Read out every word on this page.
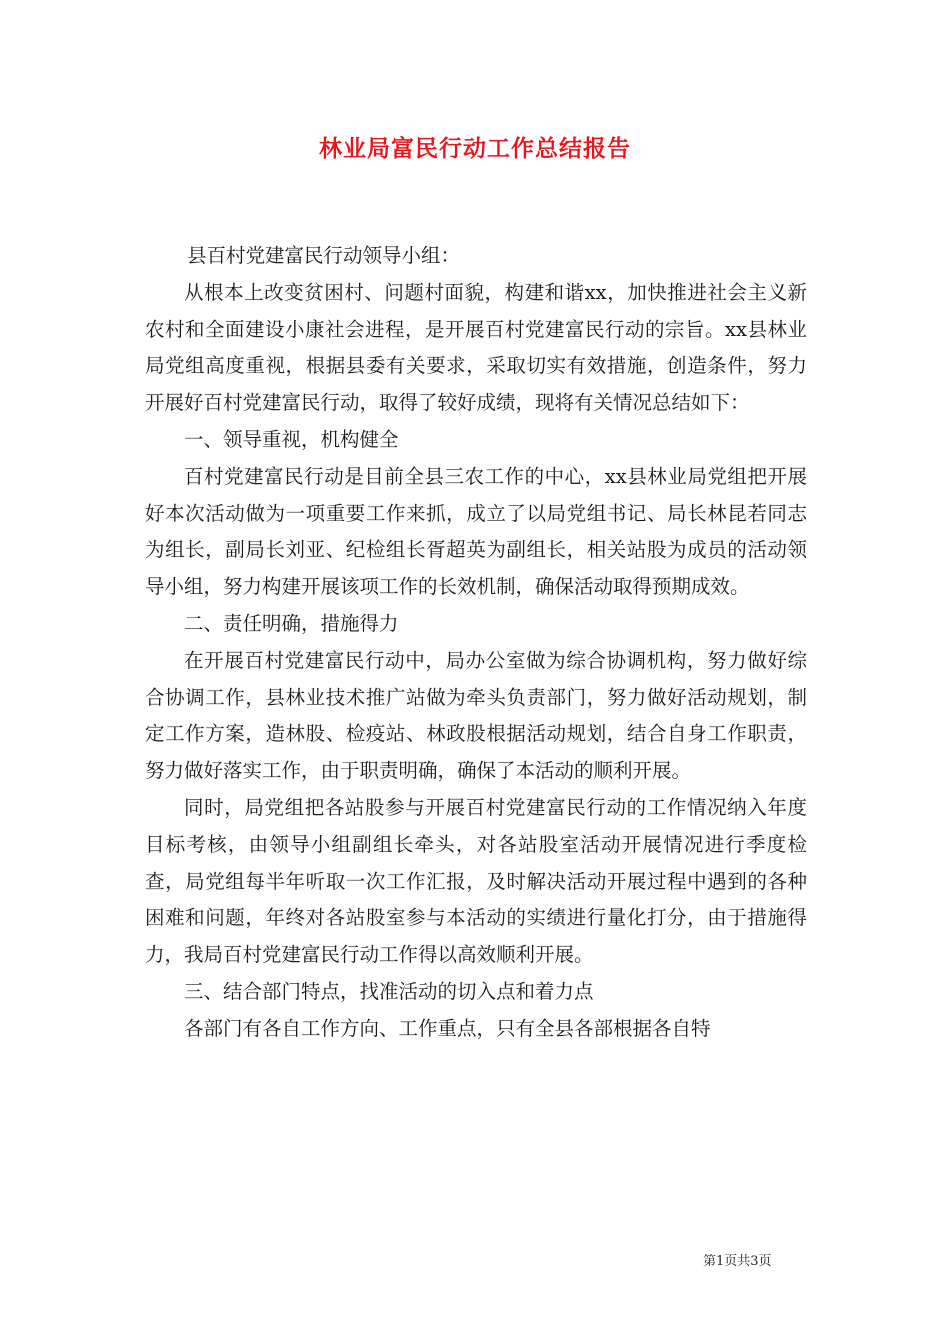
林业局富民行动工作总结报告

县百村党建富民行动领导小组：

从根本上改变贫困村、问题村面貌，构建和谐xx，加快推进社会主义新农村和全面建设小康社会进程，是开展百村党建富民行动的宗旨。xx县林业局党组高度重视，根据县委有关要求，采取切实有效措施，创造条件，努力开展好百村党建富民行动，取得了较好成绩，现将有关情况总结如下：

一、领导重视，机构健全

百村党建富民行动是目前全县三农工作的中心，xx县林业局党组把开展好本次活动做为一项重要工作来抓，成立了以局党组书记、局长林昆若同志为组长，副局长刘亚、纪检组长胥超英为副组长，相关站股为成员的活动领导小组，努力构建开展该项工作的长效机制，确保活动取得预期成效。

二、责任明确，措施得力

在开展百村党建富民行动中，局办公室做为综合协调机构，努力做好综合协调工作，县林业技术推广站做为牵头负责部门，努力做好活动规划，制定工作方案，造林股、检疫站、林政股根据活动规划，结合自身工作职责，努力做好落实工作，由于职责明确，确保了本活动的顺利开展。

同时，局党组把各站股参与开展百村党建富民行动的工作情况纳入年度目标考核，由领导小组副组长牵头，对各站股室活动开展情况进行季度检查，局党组每半年听取一次工作汇报，及时解决活动开展过程中遇到的各种困难和问题，年终对各站股室参与本活动的实绩进行量化打分，由于措施得力，我局百村党建富民行动工作得以高效顺利开展。

三、结合部门特点，找准活动的切入点和着力点

各部门有各自工作方向、工作重点，只有全县各部根据各自特

第1页共3页
